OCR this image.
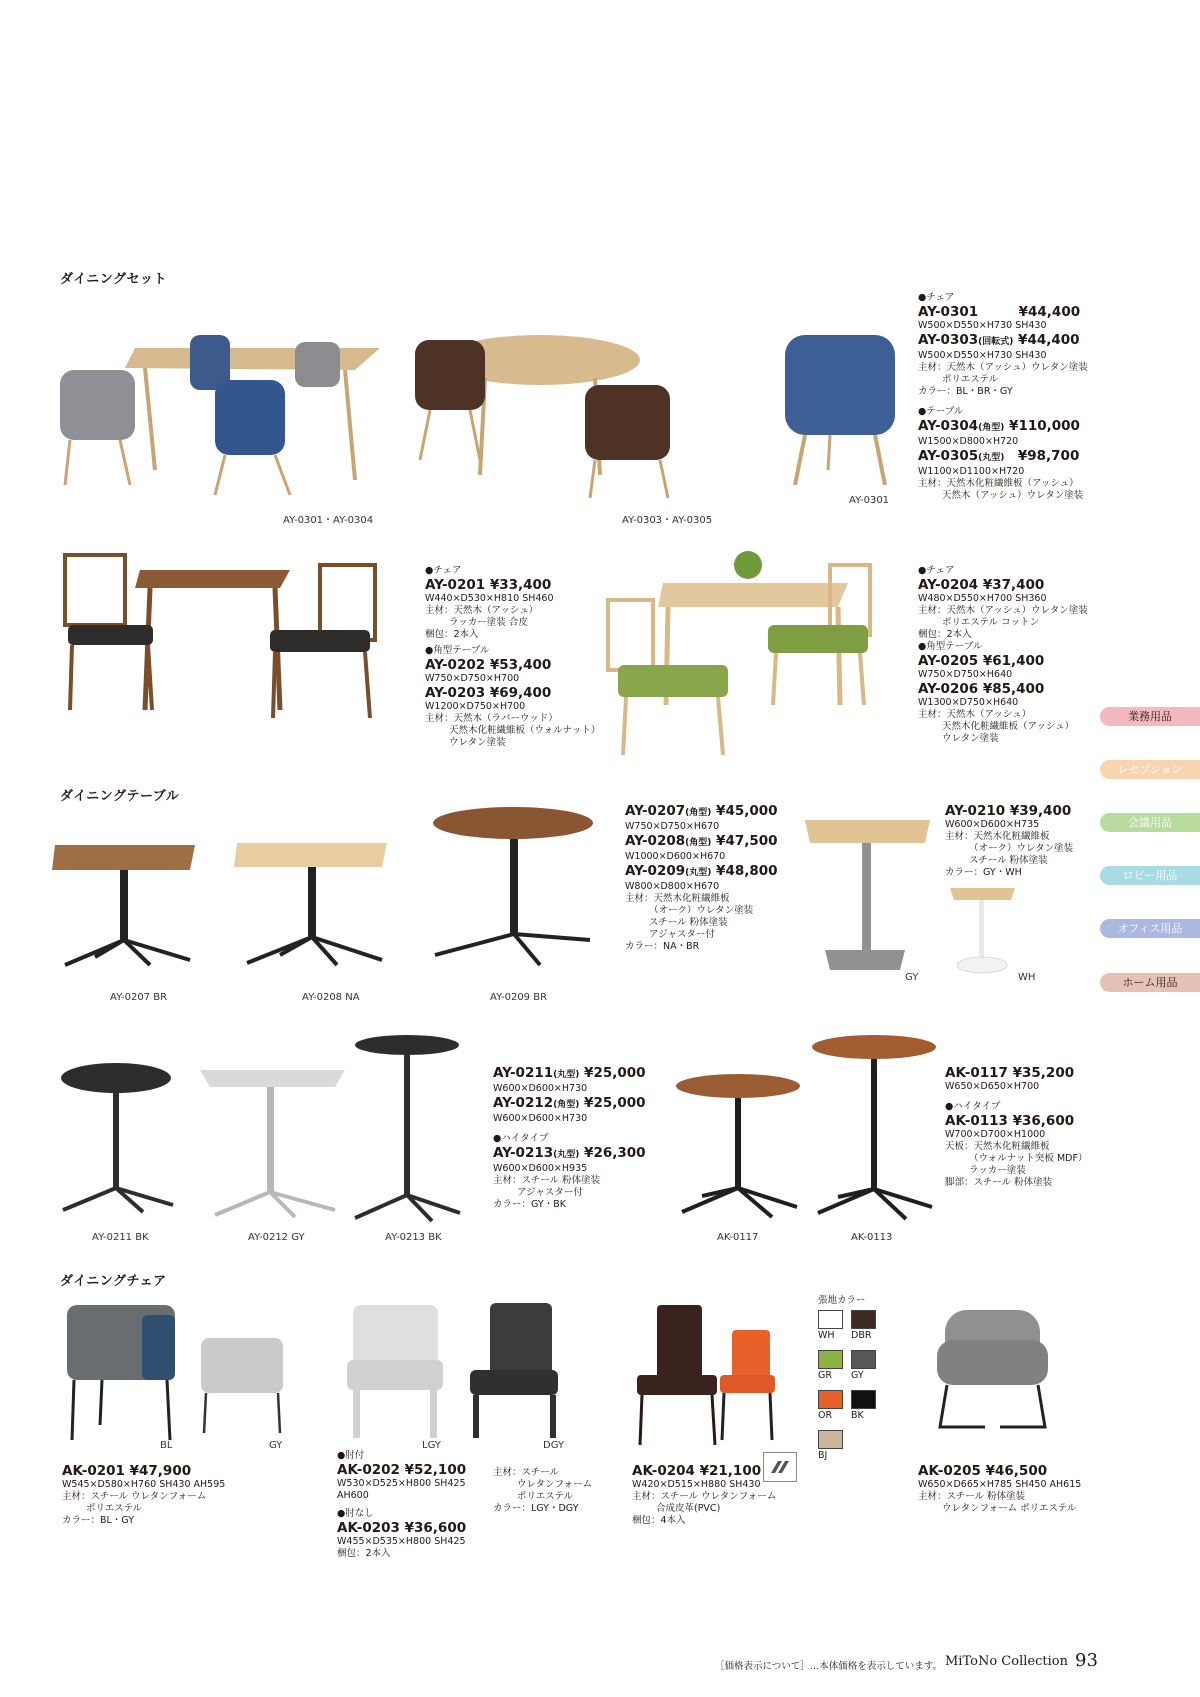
ダイニングセット
ダイニングテーブル
ダイニングチェア
AY-0301・AY-0304	AY-0303・AY-0305
AY-0301
●チェア
AY-0301　　　¥44,400
W500×D550×H730 SH430
AY-0303(回転式) ¥44,400
W500×D550×H730 SH430
主材：天然木（アッシュ）ウレタン塗装
ポリエステル
カラー：BL・BR・GY
●テーブル
AY-0304(角型) ¥110,000
W1500×D800×H720
AY-0305(丸型)　¥98,700
W1100×D1100×H720
主材：天然木化粧繊維板（アッシュ）
天然木（アッシュ）ウレタン塗装
●チェア
AY-0201 ¥33,400
W440×D530×H810 SH460
主材：天然木（アッシュ）
ラッカー塗装 合皮
梱包：2本入
●角型テーブル
AY-0202 ¥53,400
W750×D750×H700
AY-0203 ¥69,400
W1200×D750×H700
主材：天然木（ラバーウッド）
天然木化粧繊維板（ウォルナット）
ウレタン塗装
●チェア
AY-0204 ¥37,400
W480×D550×H700 SH360
主材：天然木（アッシュ）ウレタン塗装
ポリエステル コットン
梱包：2本入
●角型テーブル
AY-0205 ¥61,400
W750×D750×H640
AY-0206 ¥85,400
W1300×D750×H640
主材：天然木（アッシュ）
天然木化粧繊維板（アッシュ）
ウレタン塗装
業務用品
レセプション
会議用品
ロビー用品
オフィス用品
ホーム用品
AY-0207 BR	AY-0208 NA	AY-0209 BR
AY-0207(角型) ¥45,000
W750×D750×H670
AY-0208(角型) ¥47,500
W1000×D600×H670
AY-0209(丸型) ¥48,800
W800×D800×H670
主材：天然木化粧繊維板
（オーク）ウレタン塗装
スチール 粉体塗装
アジャスター付
カラー：NA・BR
GY	WH
AY-0210 ¥39,400
W600×D600×H735
主材：天然木化粧繊維板
（オーク）ウレタン塗装
スチール 粉体塗装
カラー：GY・WH
AY-0211 BK	AY-0212 GY	AY-0213 BK
AY-0211(丸型) ¥25,000
W600×D600×H730
AY-0212(角型) ¥25,000
W600×D600×H730
●ハイタイプ
AY-0213(丸型) ¥26,300
W600×D600×H935
主材：スチール 粉体塗装
アジャスター付
カラー：GY・BK
AK-0117	AK-0113
AK-0117 ¥35,200
W650×D650×H700
●ハイタイプ
AK-0113 ¥36,600
W700×D700×H1000
天板：天然木化粧繊維板
（ウォルナット突板 MDF）
ラッカー塗装
脚部：スチール 粉体塗装
BL	GY	LGY	DGY
張地カラー
WH DBR
GR GY
OR BK
BJ
AK-0201 ¥47,900
W545×D580×H760 SH430 AH595
主材：スチール ウレタンフォーム
ポリエステル
カラー：BL・GY
●肘付
AK-0202 ¥52,100
W530×D525×H800 SH425
AH600
●肘なし
AK-0203 ¥36,600
W455×D535×H800 SH425
梱包：2本入
主材：スチール
ウレタンフォーム
ポリエステル
カラー：LGY・DGY
AK-0204 ¥21,100
W420×D515×H880 SH430
主材：スチール ウレタンフォーム
合成皮革(PVC)
梱包：4本入
AK-0205 ¥46,500
W650×D665×H785 SH450 AH615
主材：スチール 粉体塗装
ウレタンフォーム ポリエステル
［価格表示について］…本体価格を表示しています。 MiToNo Collection 93
